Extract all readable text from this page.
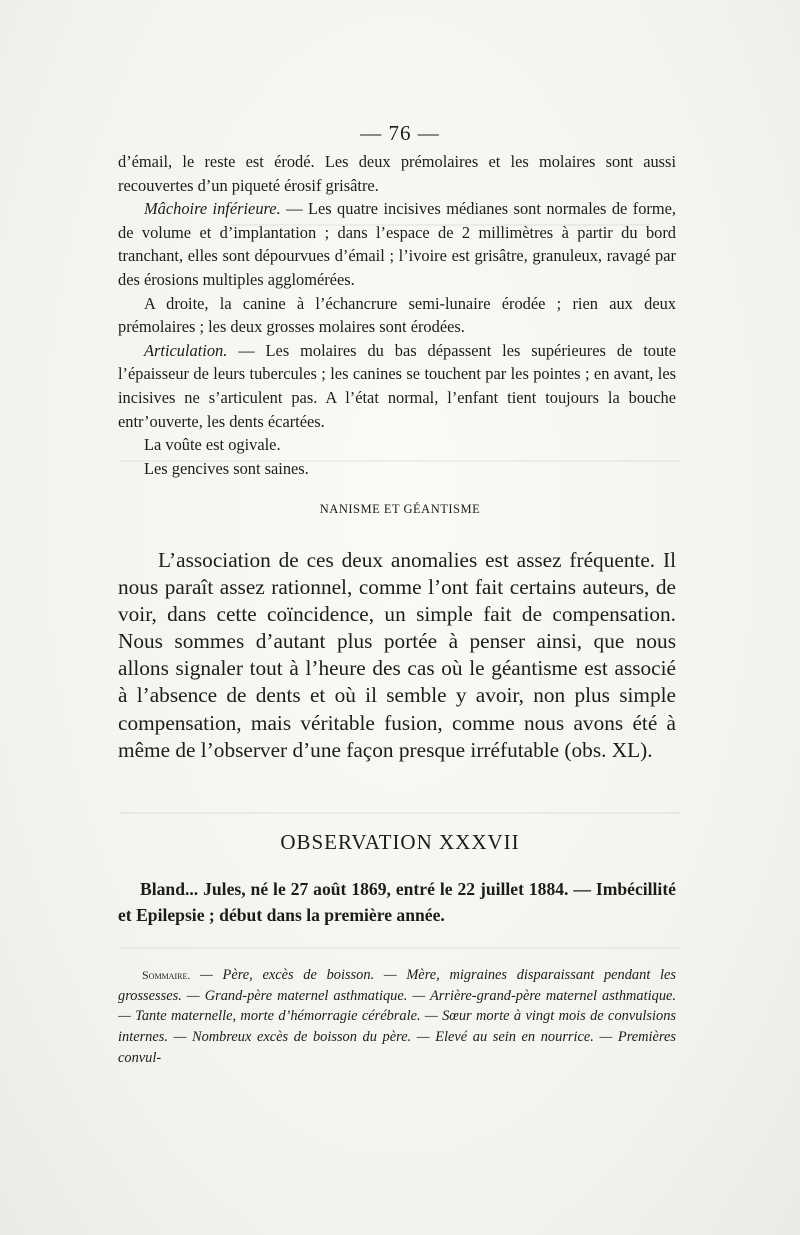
— 76 —

d’émail, le reste est érodé. Les deux prémolaires et les molaires sont aussi recouvertes d’un piqueté érosif grisâtre.

Mâchoire inférieure. — Les quatre incisives médianes sont normales de forme, de volume et d’implantation ; dans l’espace de 2 millimètres à partir du bord tranchant, elles sont dépourvues d’émail ; l’ivoire est grisâtre, granuleux, ravagé par des érosions multiples agglomérées.

A droite, la canine à l’échancrure semi-lunaire érodée ; rien aux deux prémolaires ; les deux grosses molaires sont érodées.

Articulation. — Les molaires du bas dépassent les supérieures de toute l’épaisseur de leurs tubercules ; les canines se touchent par les pointes ; en avant, les incisives ne s’articulent pas. A l’état normal, l’enfant tient toujours la bouche entr’ouverte, les dents écartées.

La voûte est ogivale.

Les gencives sont saines.

NANISME ET GÉANTISME

L’association de ces deux anomalies est assez fréquente. Il nous paraît assez rationnel, comme l’ont fait certains auteurs, de voir, dans cette coïncidence, un simple fait de compensation. Nous sommes d’autant plus portée à penser ainsi, que nous allons signaler tout à l’heure des cas où le géantisme est associé à l’absence de dents et où il semble y avoir, non plus simple compensation, mais véritable fusion, comme nous avons été à même de l’observer d’une façon presque irréfutable (obs. XL).

OBSERVATION XXXVII

Bland... Jules, né le 27 août 1869, entré le 22 juillet 1884. — Imbécillité et Epilepsie ; début dans la première année.

Sommaire. — Père, excès de boisson. — Mère, migraines disparaissant pendant les grossesses. — Grand-père maternel asthmatique. — Arrière-grand-père maternel asthmatique. — Tante maternelle, morte d’hémorragie cérébrale. — Sœur morte à vingt mois de convulsions internes. — Nombreux excès de boisson du père. — Elevé au sein en nourrice. — Premières convul-
